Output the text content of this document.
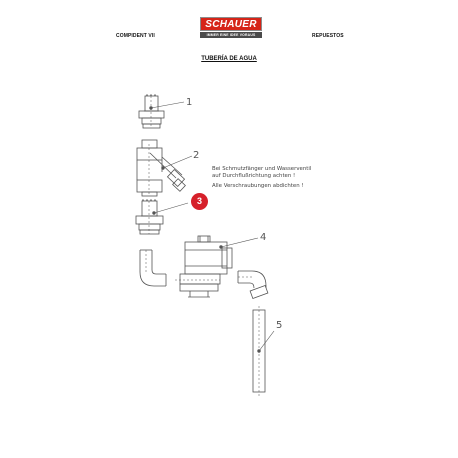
COMPIDENT VII
SCHAUER
IMMER EINE IDEE VORAUS	REPUESTOS
TUBERÍA DE AGUA
1
2
4
5
Bei Schmutzfänger und Wasserventil
auf Durchflußrichtung achten !
Alle Verschraubungen abdichten !
3
